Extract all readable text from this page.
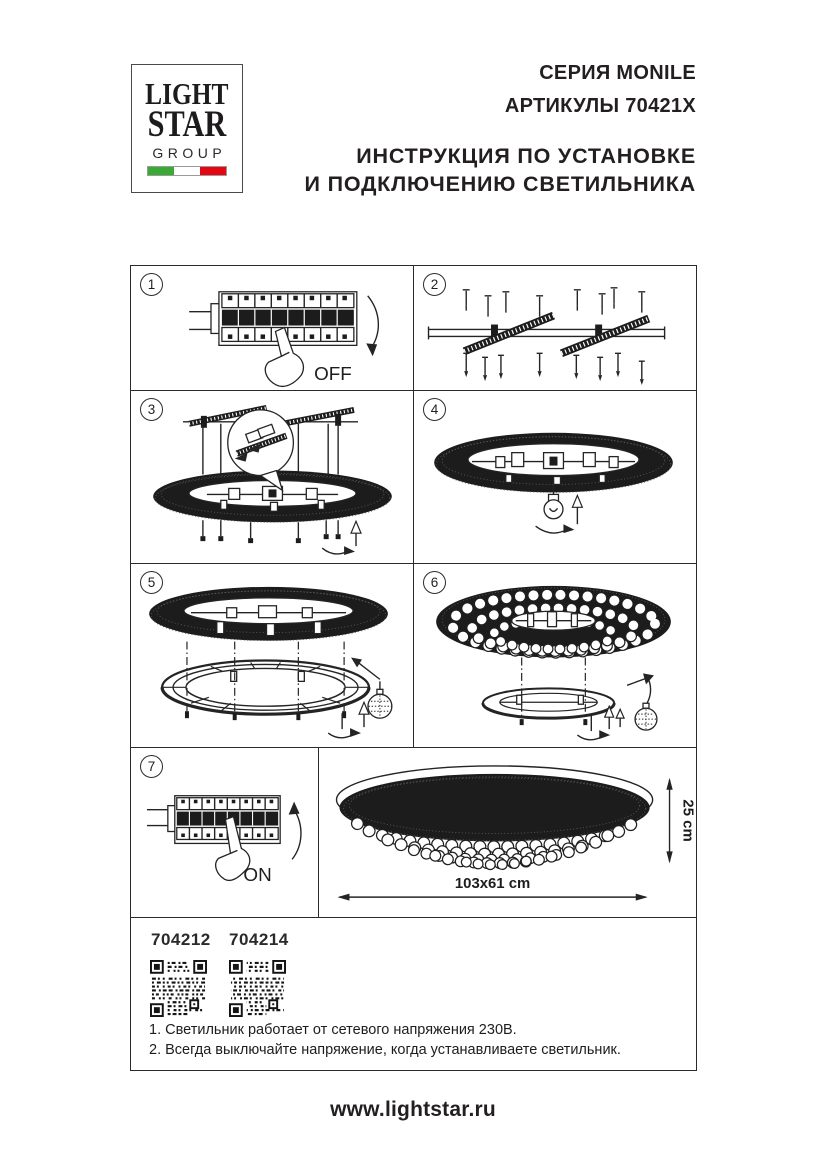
LIGHT
STAR
GROUP
СЕРИЯ MONILE
АРТИКУЛЫ 70421X
ИНСТРУКЦИЯ ПО УСТАНОВКЕ
И ПОДКЛЮЧЕНИЮ СВЕТИЛЬНИКА
1
OFF
2
3	4
5	6
7
ON	103x61 cm
25 cm
704212 704214
1. Светильник работает от сетевого напряжения 230В.
2. Всегда выключайте напряжение, когда устанавливаете светильник.
www.lightstar.ru
